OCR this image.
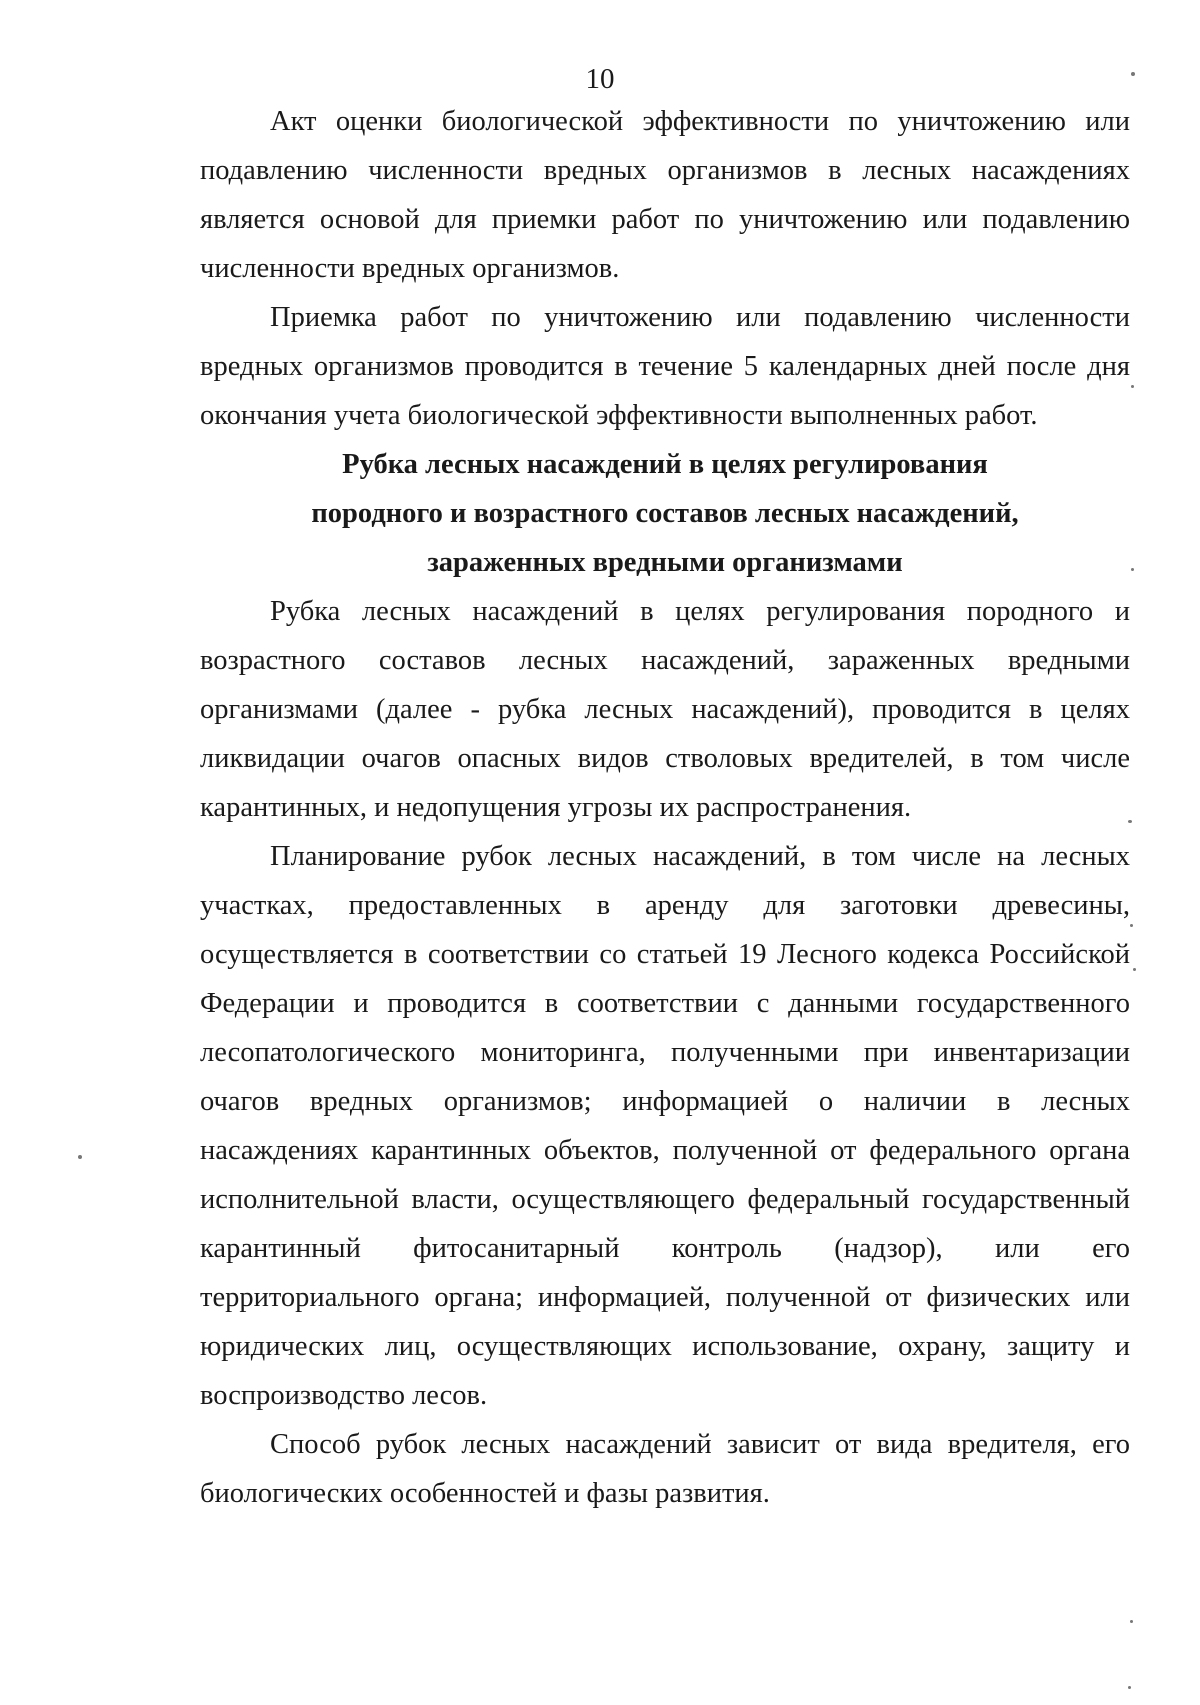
10

Акт оценки биологической эффективности по уничтожению или подавлению численности вредных организмов в лесных насаждениях является основой для приемки работ по уничтожению или подавлению численности вредных организмов.

Приемка работ по уничтожению или подавлению численности вредных организмов проводится в течение 5 календарных дней после дня окончания учета биологической эффективности выполненных работ.

Рубка лесных насаждений в целях регулирования

породного и возрастного составов лесных насаждений,

зараженных вредными организмами

Рубка лесных насаждений в целях регулирования породного и возрастного составов лесных насаждений, зараженных вредными организмами (далее - рубка лесных насаждений), проводится в целях ликвидации очагов опасных видов стволовых вредителей, в том числе карантинных, и недопущения угрозы их распространения.

Планирование рубок лесных насаждений, в том числе на лесных участках, предоставленных в аренду для заготовки древесины, осуществляется в соответствии со статьей 19 Лесного кодекса Российской Федерации и проводится в соответствии с данными государственного лесопатологического мониторинга, полученными при инвентаризации очагов вредных организмов; информацией о наличии в лесных насаждениях карантинных объектов, полученной от федерального органа исполнительной власти, осуществляющего федеральный государственный карантинный фитосанитарный контроль (надзор), или его территориального органа; информацией, полученной от физических или юридических лиц, осуществляющих использование, охрану, защиту и воспроизводство лесов.

Способ рубок лесных насаждений зависит от вида вредителя, его биологических особенностей и фазы развития.
